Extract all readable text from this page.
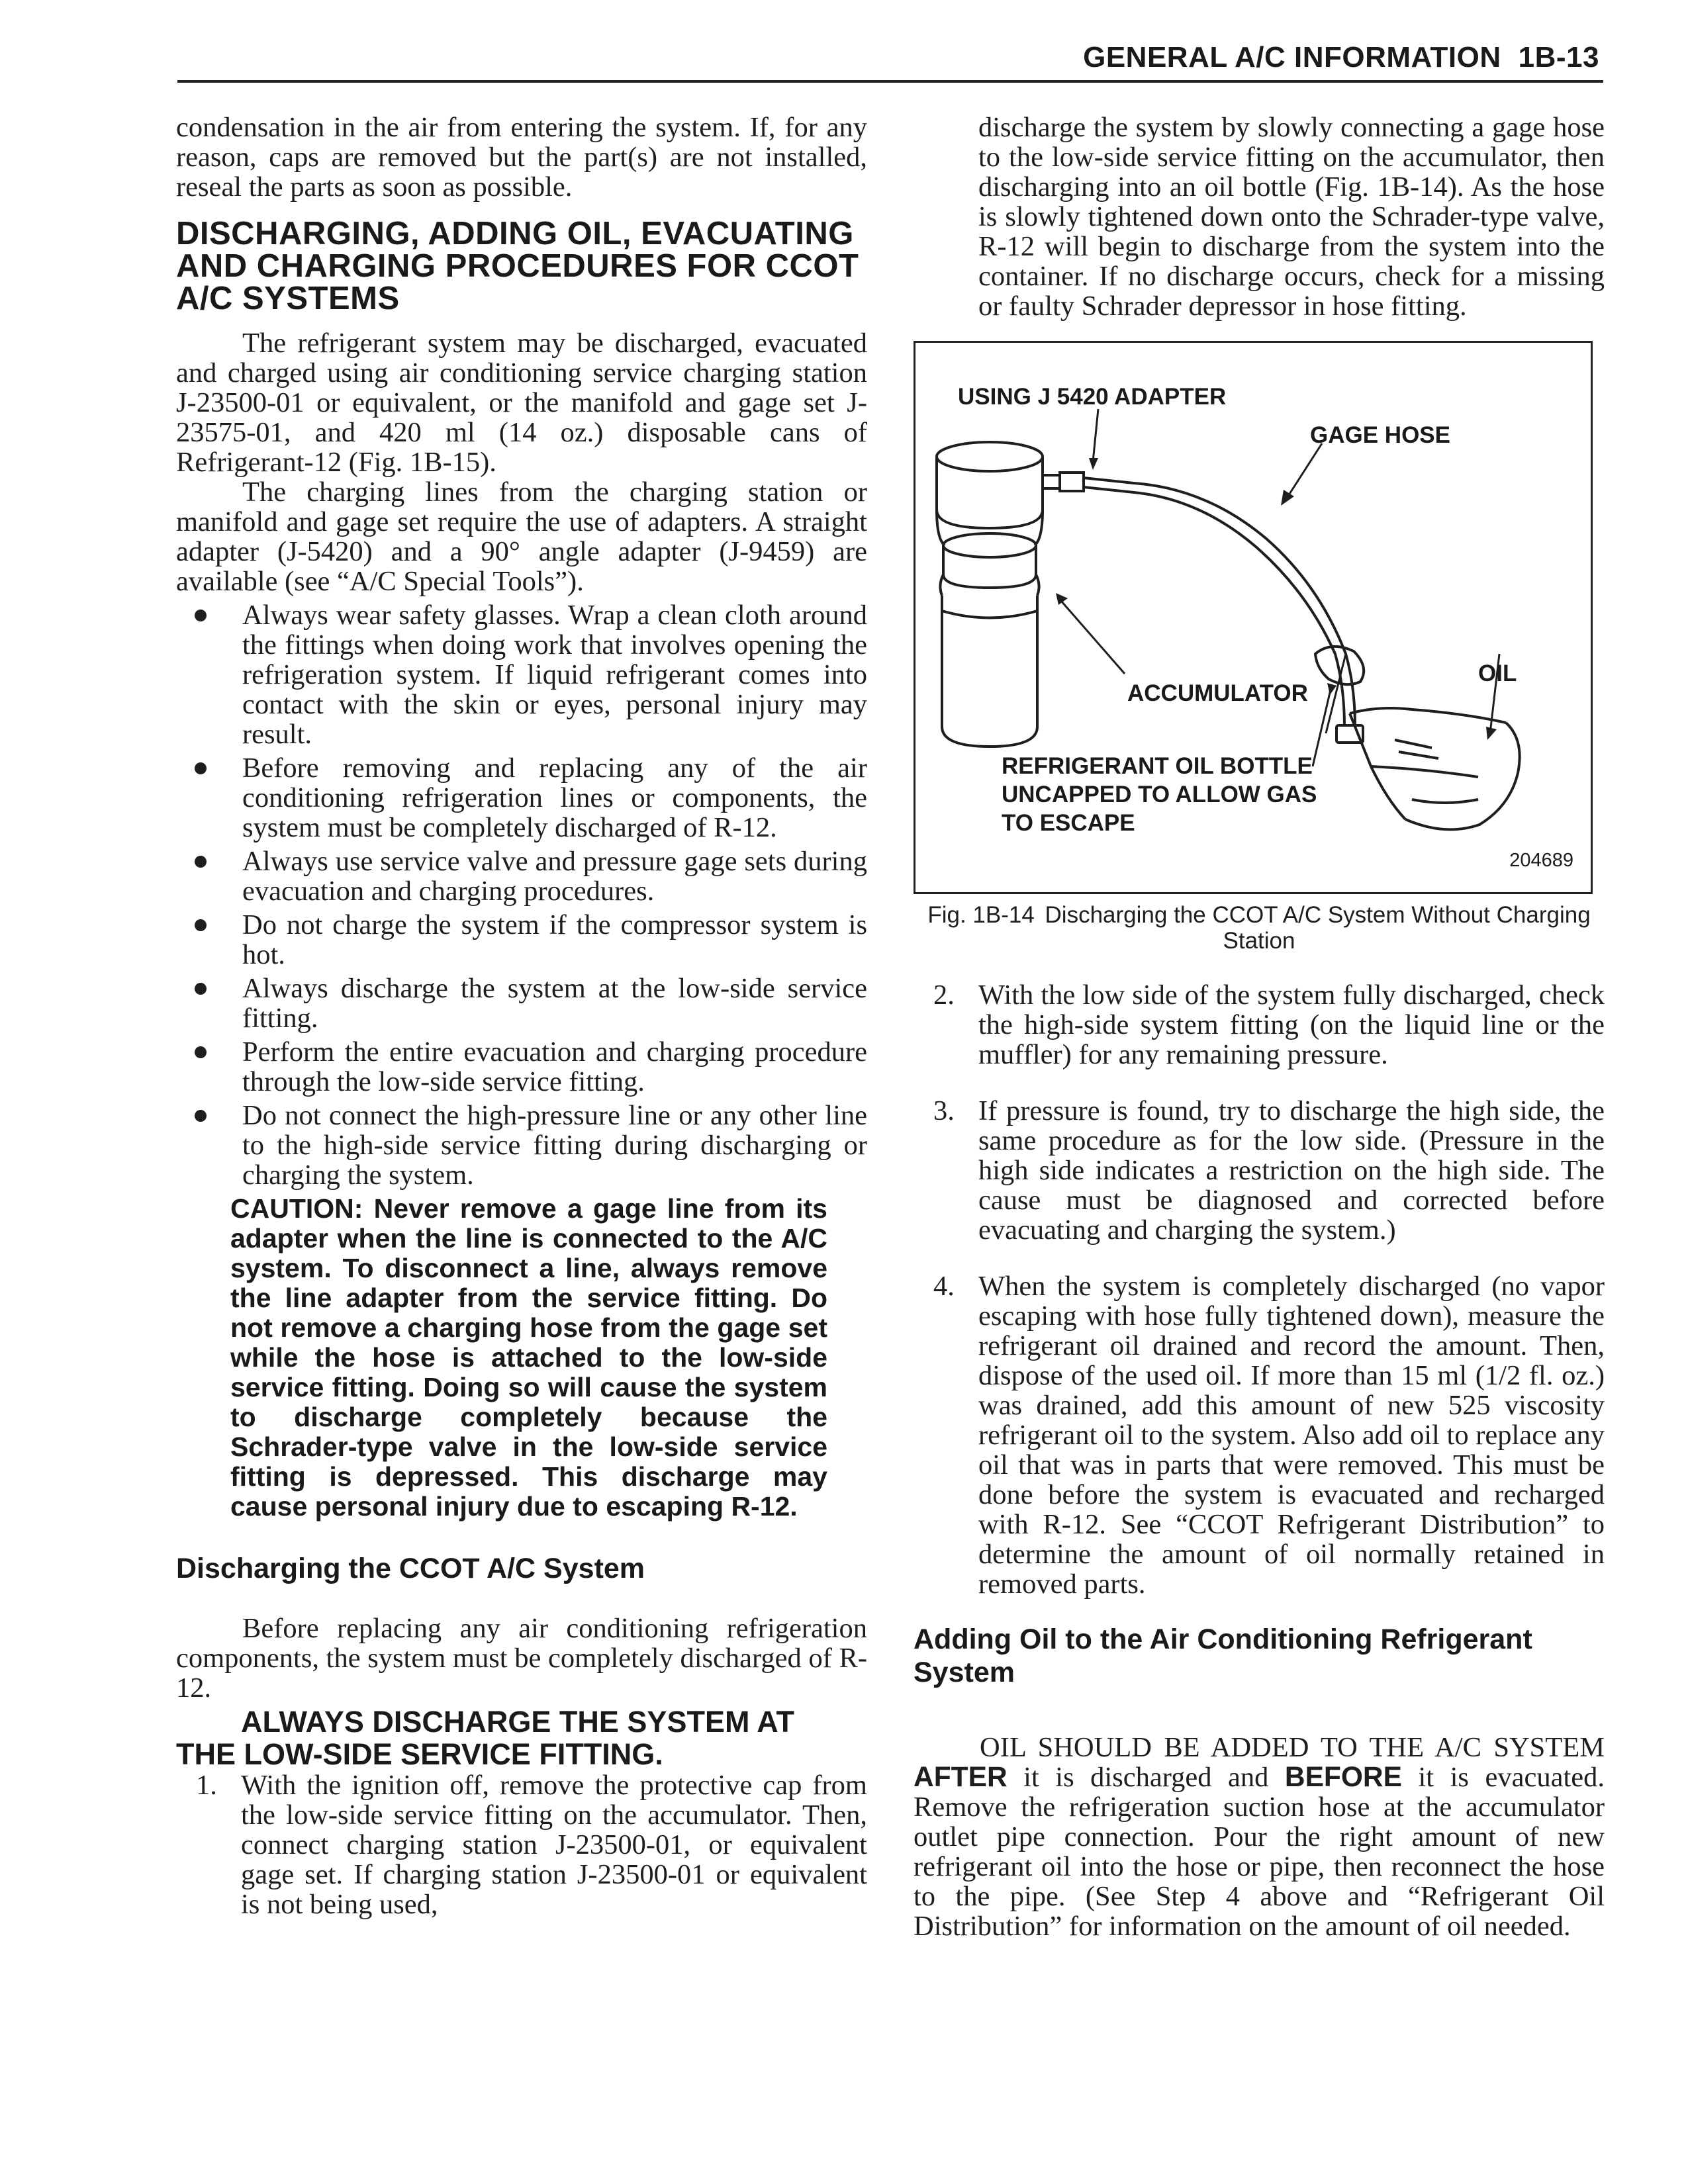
GENERAL A/C INFORMATION 1B-13

condensation in the air from entering the system. If, for any reason, caps are removed but the part(s) are not installed, reseal the parts as soon as possible.

DISCHARGING, ADDING OIL, EVACUATING AND CHARGING PROCEDURES FOR CCOT A/C SYSTEMS

The refrigerant system may be discharged, evacuated and charged using air conditioning service charging station J-23500-01 or equivalent, or the manifold and gage set J-23575-01, and 420 ml (14 oz.) disposable cans of Refrigerant-12 (Fig. 1B-15).

The charging lines from the charging station or manifold and gage set require the use of adapters. A straight adapter (J-5420) and a 90° angle adapter (J-9459) are available (see “A/C Special Tools”).

Always wear safety glasses. Wrap a clean cloth around the fittings when doing work that involves opening the refrigeration system. If liquid refrigerant comes into contact with the skin or eyes, personal injury may result.
Before removing and replacing any of the air conditioning refrigeration lines or components, the system must be completely discharged of R-12.
Always use service valve and pressure gage sets during evacuation and charging procedures.
Do not charge the system if the compressor system is hot.
Always discharge the system at the low-side service fitting.
Perform the entire evacuation and charging procedure through the low-side service fitting.
Do not connect the high-pressure line or any other line to the high-side service fitting during discharging or charging the system.

CAUTION: Never remove a gage line from its adapter when the line is connected to the A/C system. To disconnect a line, always remove the line adapter from the service fitting. Do not remove a charging hose from the gage set while the hose is attached to the low-side service fitting. Doing so will cause the system to discharge completely because the Schrader-type valve in the low-side service fitting is depressed. This discharge may cause personal injury due to escaping R-12.

Discharging the CCOT A/C System

Before replacing any air conditioning refrigeration components, the system must be completely discharged of R-12.

ALWAYS DISCHARGE THE SYSTEM AT
THE LOW-SIDE SERVICE FITTING.
1. With the ignition off, remove the protective cap from the low-side service fitting on the accumulator. Then, connect charging station J-23500-01, or equivalent gage set. If charging station J-23500-01 or equivalent is not being used,

discharge the system by slowly connecting a gage hose to the low-side service fitting on the accumulator, then discharging into an oil bottle (Fig. 1B-14). As the hose is slowly tightened down onto the Schrader-type valve, R-12 will begin to discharge from the system into the container. If no discharge occurs, check for a missing or faulty Schrader depressor in hose fitting.

USING J 5420 ADAPTER
GAGE HOSE
ACCUMULATOR
OIL
REFRIGERANT OIL BOTTLE
UNCAPPED TO ALLOW GAS
TO ESCAPE
204689

Fig. 1B-14 Discharging the CCOT A/C System Without Charging Station

2. With the low side of the system fully discharged, check the high-side system fitting (on the liquid line or the muffler) for any remaining pressure.
3. If pressure is found, try to discharge the high side, the same procedure as for the low side. (Pressure in the high side indicates a restriction on the high side. The cause must be diagnosed and corrected before evacuating and charging the system.)
4. When the system is completely discharged (no vapor escaping with hose fully tightened down), measure the refrigerant oil drained and record the amount. Then, dispose of the used oil. If more than 15 ml (1/2 fl. oz.) was drained, add this amount of new 525 viscosity refrigerant oil to the system. Also add oil to replace any oil that was in parts that were removed. This must be done before the system is evacuated and recharged with R-12. See “CCOT Refrigerant Distribution” to determine the amount of oil normally retained in removed parts.
Adding Oil to the Air Conditioning Refrigerant System

OIL SHOULD BE ADDED TO THE A/C SYSTEM AFTER it is discharged and BEFORE it is evacuated. Remove the refrigeration suction hose at the accumulator outlet pipe connection. Pour the right amount of new refrigerant oil into the hose or pipe, then reconnect the hose to the pipe. (See Step 4 above and “Refrigerant Oil Distribution” for information on the amount of oil needed.
